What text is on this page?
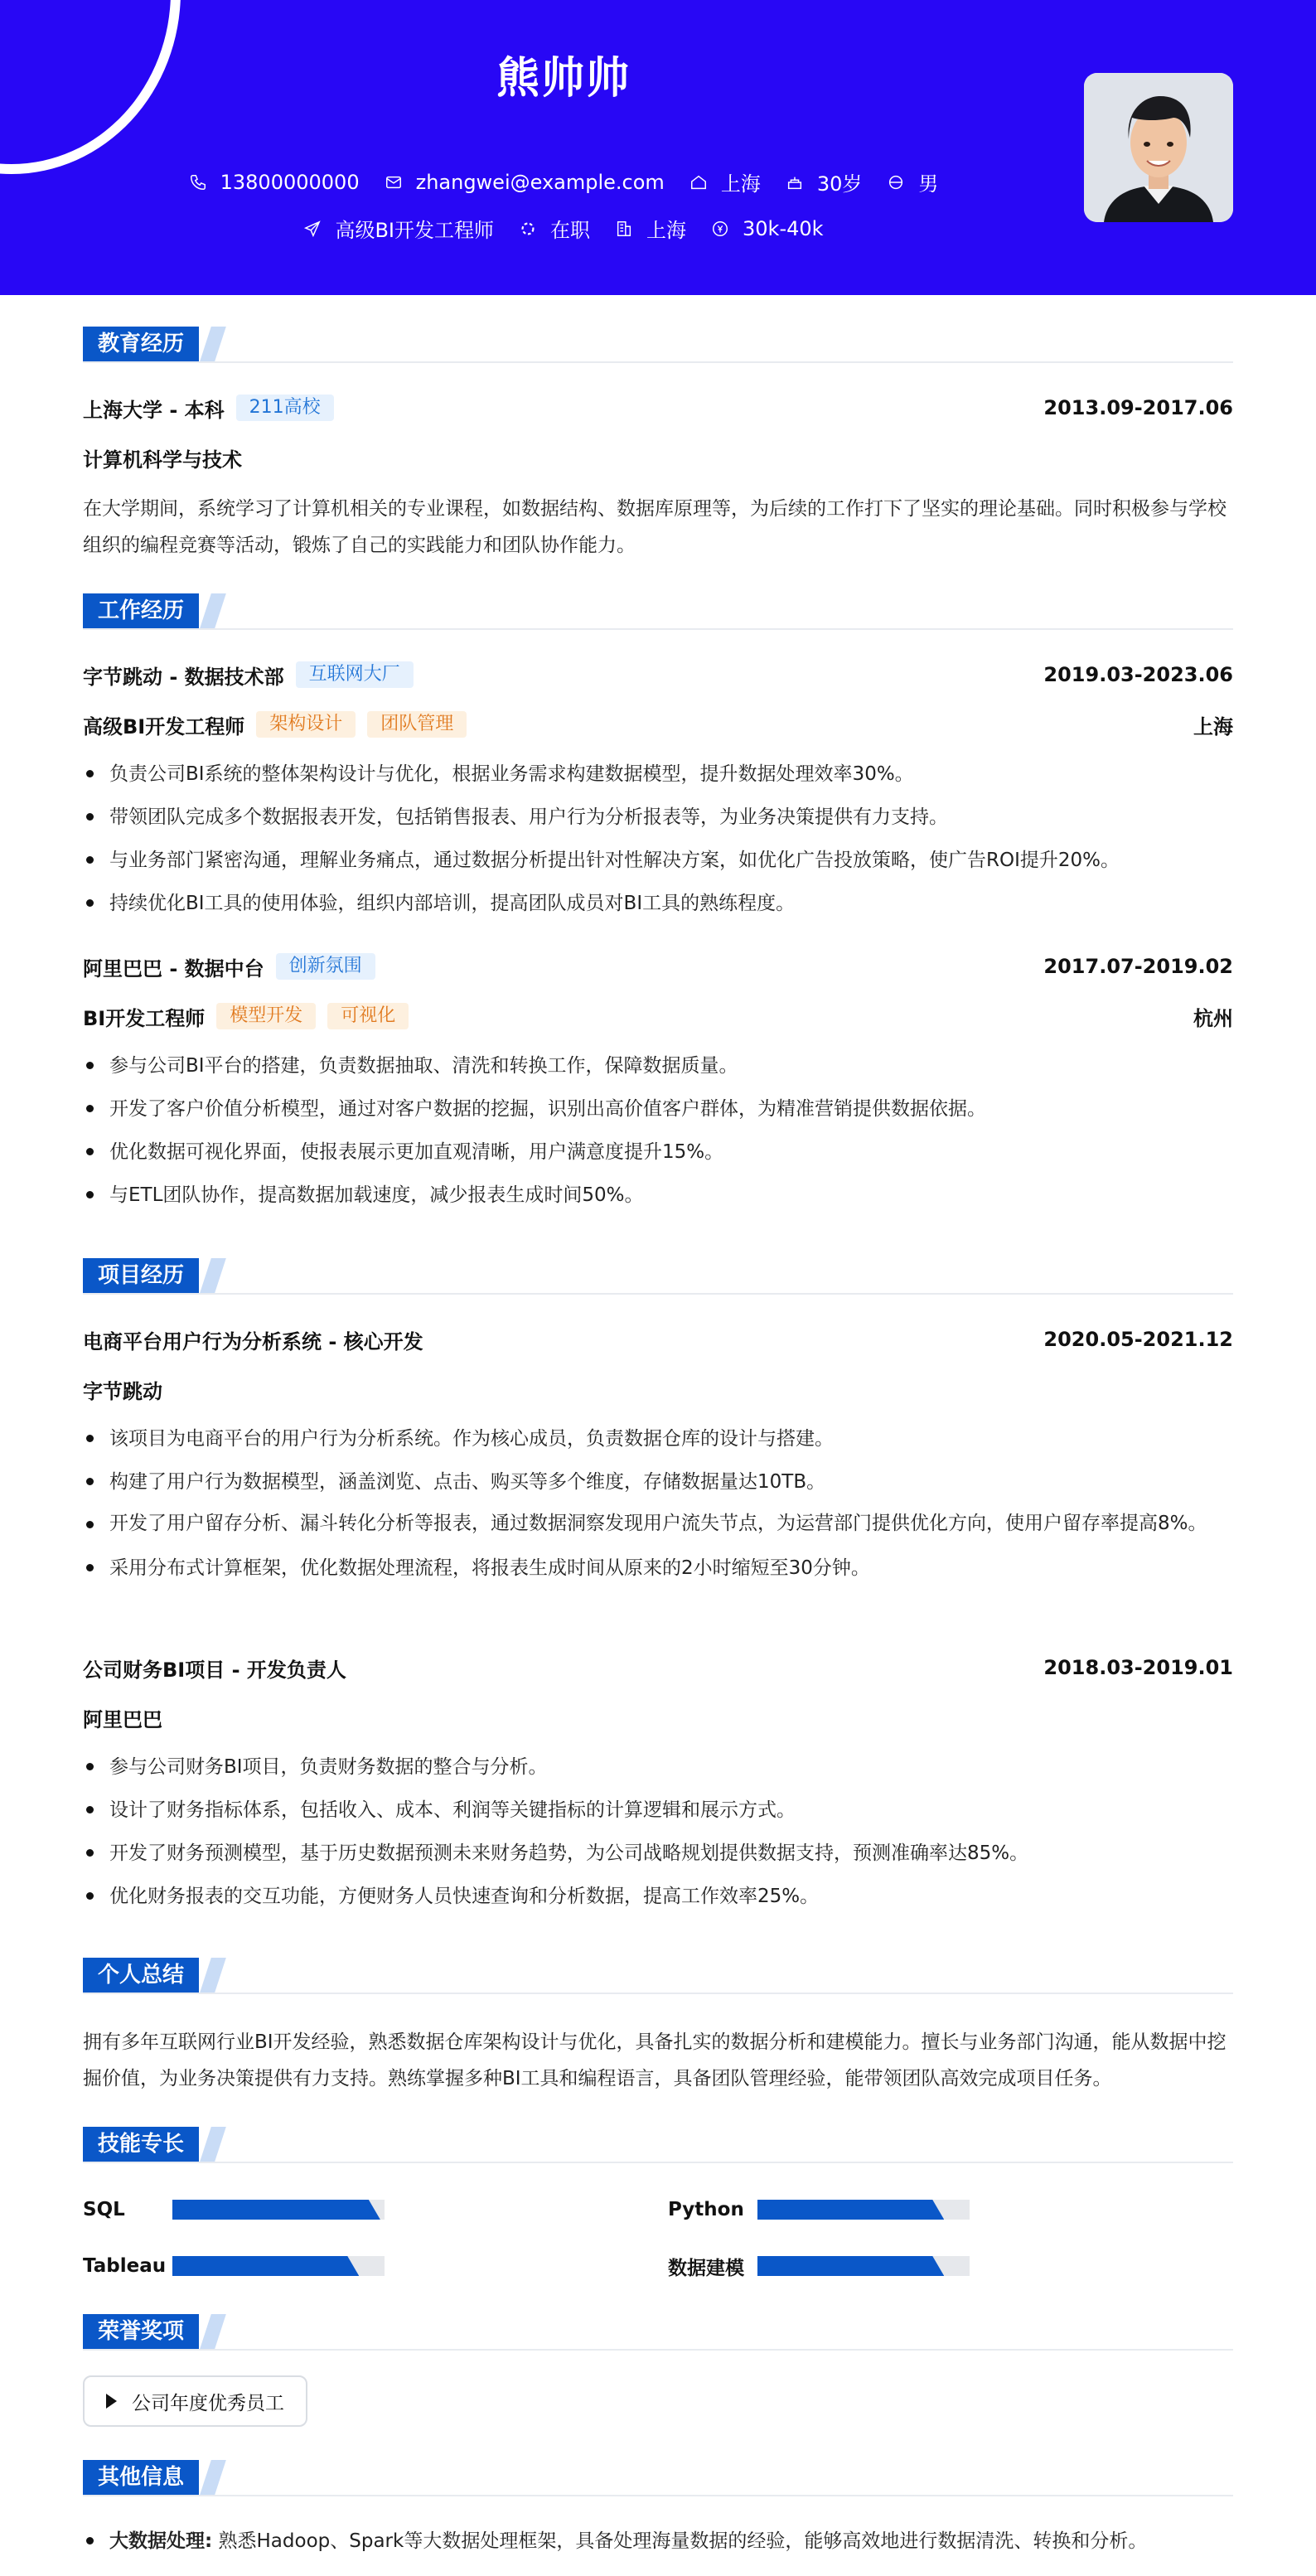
熊帅帅
13800000000	zhangwei@example.com	上海	30岁	男
高级BI开发工程师	在职	上海	30k-40k
教育经历
上海大学 - 本科	211高校	2013.09-2017.06
计算机科学与技术
在大学期间，系统学习了计算机相关的专业课程，如数据结构、数据库原理等，为后续的工作打下了坚实的理论基础。同时积极参与学校组织的编程竞赛等活动，锻炼了自己的实践能力和团队协作能力。
工作经历
字节跳动 - 数据技术部	互联网大厂	2019.03-2023.06
高级BI开发工程师	架构设计	团队管理	上海
负责公司BI系统的整体架构设计与优化，根据业务需求构建数据模型，提升数据处理效率30%。
带领团队完成多个数据报表开发，包括销售报表、用户行为分析报表等，为业务决策提供有力支持。
与业务部门紧密沟通，理解业务痛点，通过数据分析提出针对性解决方案，如优化广告投放策略，使广告ROI提升20%。
持续优化BI工具的使用体验，组织内部培训，提高团队成员对BI工具的熟练程度。
阿里巴巴 - 数据中台	创新氛围	2017.07-2019.02
BI开发工程师	模型开发	可视化	杭州
参与公司BI平台的搭建，负责数据抽取、清洗和转换工作，保障数据质量。
开发了客户价值分析模型，通过对客户数据的挖掘，识别出高价值客户群体，为精准营销提供数据依据。
优化数据可视化界面，使报表展示更加直观清晰，用户满意度提升15%。
与ETL团队协作，提高数据加载速度，减少报表生成时间50%。
项目经历
电商平台用户行为分析系统 - 核心开发	2020.05-2021.12
字节跳动
该项目为电商平台的用户行为分析系统。作为核心成员，负责数据仓库的设计与搭建。
构建了用户行为数据模型，涵盖浏览、点击、购买等多个维度，存储数据量达10TB。
开发了用户留存分析、漏斗转化分析等报表，通过数据洞察发现用户流失节点，为运营部门提供优化方向，使用户留存率提高8%。
采用分布式计算框架，优化数据处理流程，将报表生成时间从原来的2小时缩短至30分钟。
公司财务BI项目 - 开发负责人	2018.03-2019.01
阿里巴巴
参与公司财务BI项目，负责财务数据的整合与分析。
设计了财务指标体系，包括收入、成本、利润等关键指标的计算逻辑和展示方式。
开发了财务预测模型，基于历史数据预测未来财务趋势，为公司战略规划提供数据支持，预测准确率达85%。
优化财务报表的交互功能，方便财务人员快速查询和分析数据，提高工作效率25%。
个人总结
拥有多年互联网行业BI开发经验，熟悉数据仓库架构设计与优化，具备扎实的数据分析和建模能力。擅长与业务部门沟通，能从数据中挖掘价值，为业务决策提供有力支持。熟练掌握多种BI工具和编程语言，具备团队管理经验，能带领团队高效完成项目任务。
技能专长
SQL	Python
Tableau	数据建模
荣誉奖项
公司年度优秀员工
其他信息
大数据处理: 熟悉Hadoop、Spark等大数据处理框架，具备处理海量数据的经验，能够高效地进行数据清洗、转换和分析。
